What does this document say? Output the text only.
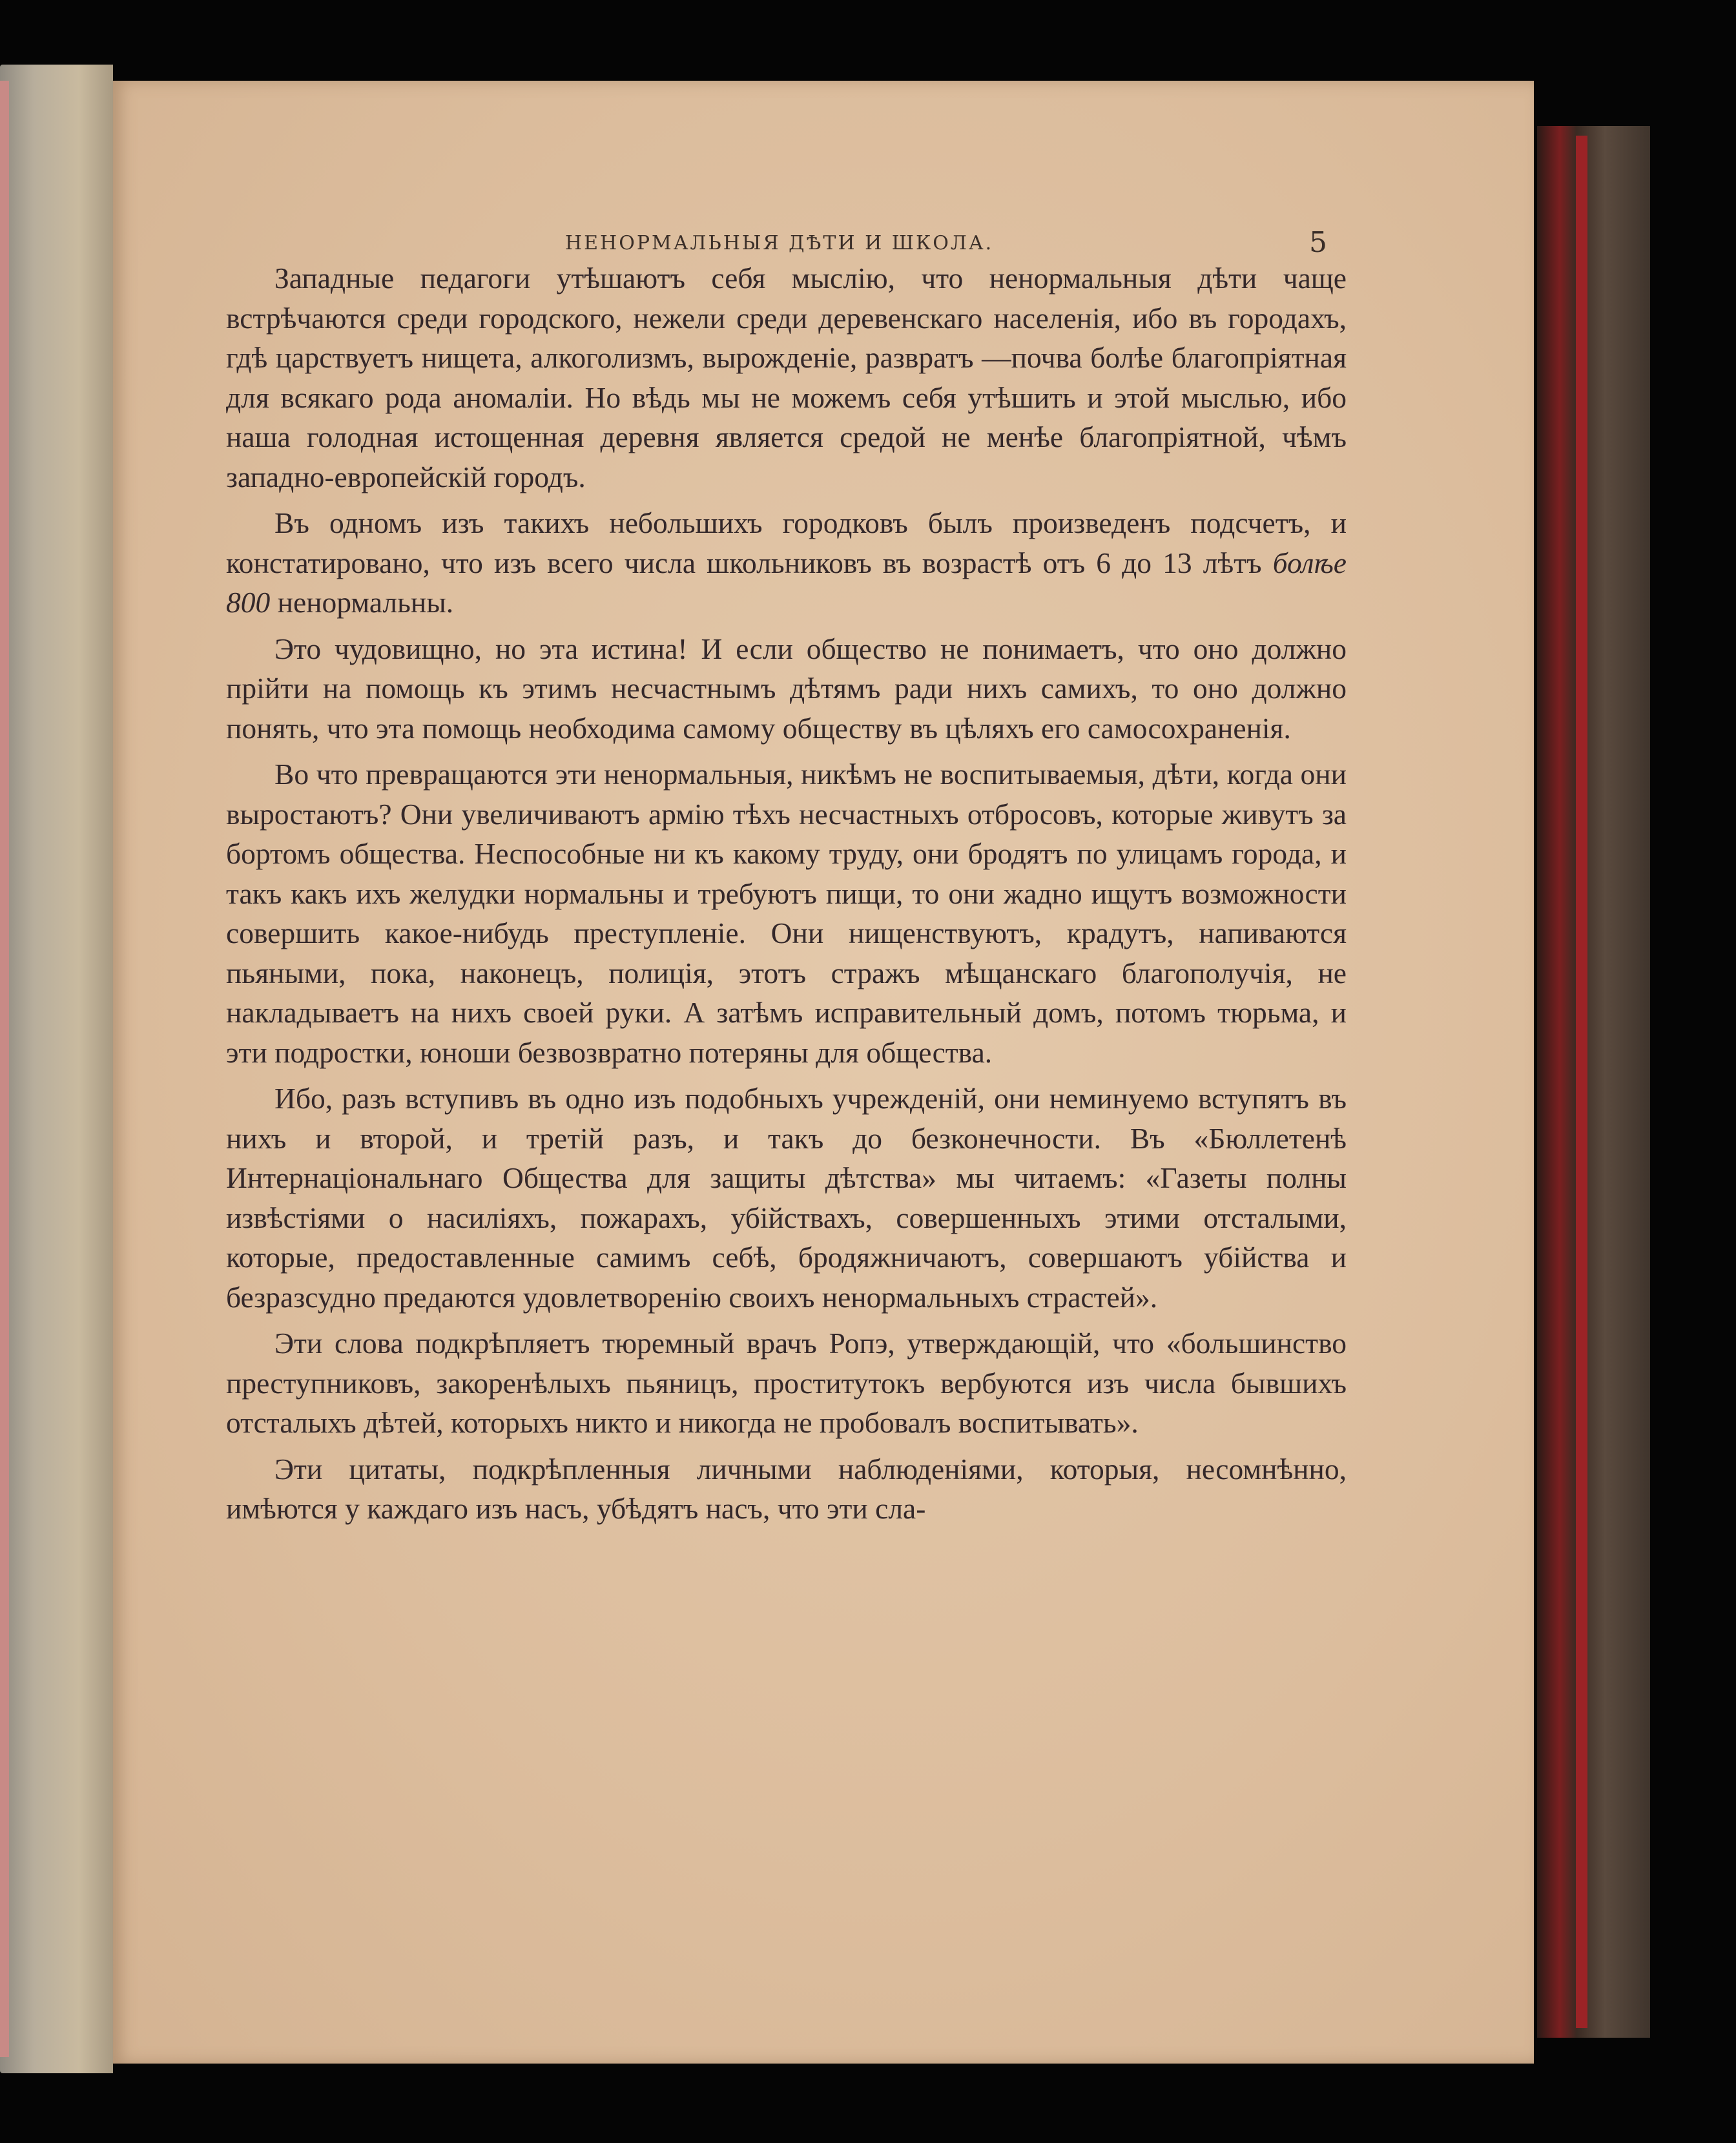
НЕНОРМАЛЬНЫЯ ДѢТИ И ШКОЛА.	5

Западные педагоги утѣшаютъ себя мыслію, что ненормальныя дѣти чаще встрѣчаются среди городского, нежели среди деревенскаго населенія, ибо въ городахъ, гдѣ царствуетъ нищета, алкоголизмъ, вырожденіе, развратъ —почва болѣе благопріятная для всякаго рода аномаліи. Но вѣдь мы не можемъ себя утѣшить и этой мыслью, ибо наша голодная истощенная деревня является средой не менѣе благопріятной, чѣмъ западно-европейскій городъ.

Въ одномъ изъ такихъ небольшихъ городковъ былъ произведенъ подсчетъ, и констатировано, что изъ всего числа школьниковъ въ возрастѣ отъ 6 до 13 лѣтъ болѣе 800 ненормальны.

Это чудовищно, но эта истина! И если общество не понимаетъ, что оно должно прійти на помощь къ этимъ несчастнымъ дѣтямъ ради нихъ самихъ, то оно должно понять, что эта помощь необходима самому обществу въ цѣляхъ его самосохраненія.

Во что превращаются эти ненормальныя, никѣмъ не воспитываемыя, дѣти, когда они выростаютъ? Они увеличиваютъ армію тѣхъ несчастныхъ отбросовъ, которые живутъ за бортомъ общества. Неспособные ни къ какому труду, они бродятъ по улицамъ города, и такъ какъ ихъ желудки нормальны и требуютъ пищи, то они жадно ищутъ возможности совершить какое-нибудь преступленіе. Они нищенствуютъ, крадутъ, напиваются пьяными, пока, наконецъ, полиція, этотъ стражъ мѣщанскаго благополучія, не накладываетъ на нихъ своей руки. А затѣмъ исправительный домъ, потомъ тюрьма, и эти подростки, юноши безвозвратно потеряны для общества.

Ибо, разъ вступивъ въ одно изъ подобныхъ учрежденій, они неминуемо вступятъ въ нихъ и второй, и третій разъ, и такъ до безконечности. Въ «Бюллетенѣ Интернаціональнаго Общества для защиты дѣтства» мы читаемъ: «Газеты полны извѣстіями о насиліяхъ, пожарахъ, убійствахъ, совершенныхъ этими отсталыми, которые, предоставленные самимъ себѣ, бродяжничаютъ, совершаютъ убійства и безразсудно предаются удовлетворенію своихъ ненормальныхъ страстей».

Эти слова подкрѣпляетъ тюремный врачъ Ропэ, утверждающій, что «большинство преступниковъ, закоренѣлыхъ пьяницъ, проститутокъ вербуются изъ числа бывшихъ отсталыхъ дѣтей, которыхъ никто и никогда не пробовалъ воспитывать».

Эти цитаты, подкрѣпленныя личными наблюденіями, которыя, несомнѣнно, имѣются у каждаго изъ насъ, убѣдятъ насъ, что эти сла-
